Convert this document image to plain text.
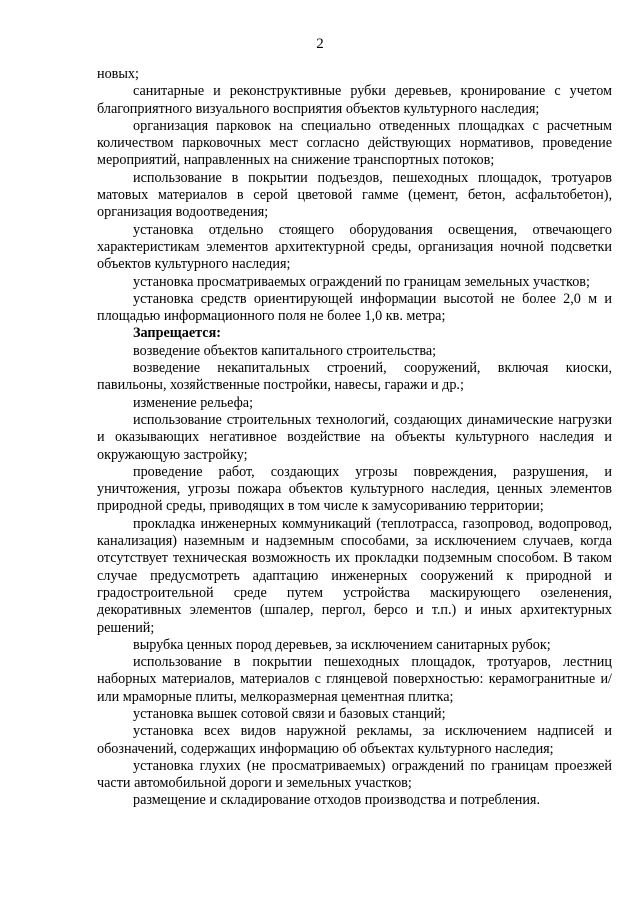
2

новых;

санитарные и реконструктивные рубки деревьев, кронирование с учетом благоприятного визуального восприятия объектов культурного наследия;

организация парковок на специально отведенных площадках с расчетным количеством парковочных мест согласно действующих нормативов, проведение мероприятий, направленных на снижение транспортных потоков;

использование в покрытии подъездов, пешеходных площадок, тротуаров матовых материалов в серой цветовой гамме (цемент, бетон, асфальтобетон), организация водоотведения;

установка отдельно стоящего оборудования освещения, отвечающего характеристикам элементов архитектурной среды, организация ночной подсветки объектов культурного наследия;

установка просматриваемых ограждений по границам земельных участков;

установка средств ориентирующей информации высотой не более 2,0 м и площадью информационного поля не более 1,0 кв. метра;

Запрещается:

возведение объектов капитального строительства;

возведение некапитальных строений, сооружений, включая киоски, павильоны, хозяйственные постройки, навесы, гаражи и др.;

изменение рельефа;

использование строительных технологий, создающих динамические нагрузки и оказывающих негативное воздействие на объекты культурного наследия и окружающую застройку;

проведение работ, создающих угрозы повреждения, разрушения, и уничтожения, угрозы пожара объектов культурного наследия, ценных элементов природной среды, приводящих в том числе к замусориванию территории;

прокладка инженерных коммуникаций (теплотрасса, газопровод, водопровод, канализация) наземным и надземным способами, за исключением случаев, когда отсутствует техническая возможность их прокладки подземным способом. В таком случае предусмотреть адаптацию инженерных сооружений к природной и градостроительной среде путем устройства маскирующего озеленения, декоративных элементов (шпалер, пергол, берсо и т.п.) и иных архитектурных решений;

вырубка ценных пород деревьев, за исключением санитарных рубок;

использование в покрытии пешеходных площадок, тротуаров, лестниц наборных материалов, материалов с глянцевой поверхностью: керамогранитные и/или мраморные плиты, мелкоразмерная цементная плитка;

установка вышек сотовой связи и базовых станций;

установка всех видов наружной рекламы, за исключением надписей и обозначений, содержащих информацию об объектах культурного наследия;

установка глухих (не просматриваемых) ограждений по границам проезжей части автомобильной дороги и земельных участков;

размещение и складирование отходов производства и потребления.
